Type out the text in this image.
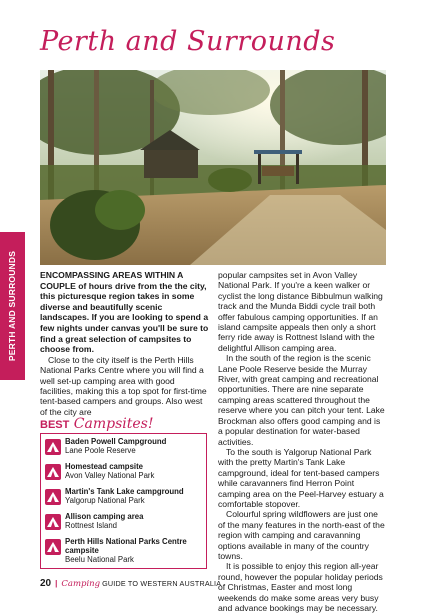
Perth and Surrounds
PERTH AND SURROUNDS	ENCOMPASSING AREAS WITHIN A COUPLE of hours drive from the the city, this picturesque region takes in some diverse and beautifully scenic landscapes. If you are looking to spend a few nights under canvas you'll be sure to find a great selection of campsites to choose from.

Close to the city itself is the Perth Hills National Parks Centre where you will find a well set-up camping area with good facilities, making this a top spot for first-time tent-based campers and groups. Also west of the city are

popular campsites set in Avon Valley National Park. If you're a keen walker or cyclist the long distance Bibbulmun walking track and the Munda Biddi cycle trail both offer fabulous camping opportunities. If an island campsite appeals then only a short ferry ride away is Rottnest Island with the delightful Allison camping area.

In the south of the region is the scenic Lane Poole Reserve beside the Murray River, with great camping and recreational opportunities. There are nine separate camping areas scattered throughout the reserve where you can pitch your tent. Lake Brockman also offers good camping and is a popular destination for water-based activities.

To the south is Yalgorup National Park with the pretty Martin's Tank Lake campground, ideal for tent-based campers while caravanners find Herron Point camping area on the Peel-Harvey estuary a comfortable stopover.

Colourful spring wildflowers are just one of the many features in the north-east of the region with camping and caravanning options available in many of the country towns.

It is possible to enjoy this region all-year round, however the popular holiday periods of Christmas, Easter and most long weekends do make some areas very busy and advance bookings may be necessary.

BEST Campsites!
Baden Powell Campground
Lane Poole Reserve
Homestead campsite
Avon Valley National Park
Martin's Tank Lake campground
Yalgorup National Park
Allison camping area
Rottnest Island
Perth Hills National Parks Centre campsite
Beelu National Park
20 | Camping GUIDE TO WESTERN AUSTRALIA
